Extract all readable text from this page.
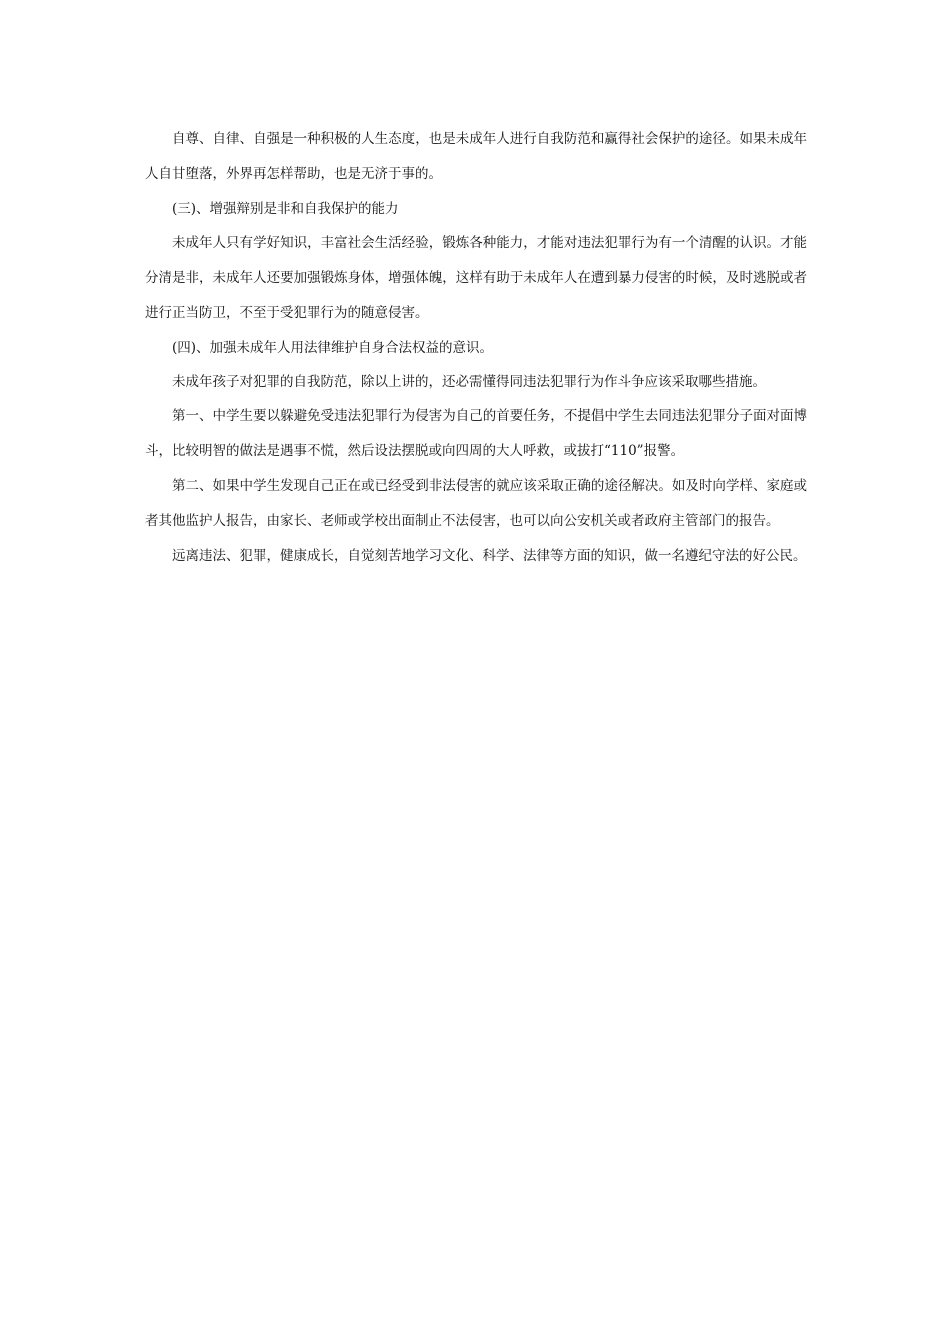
自尊、自律、自强是一种积极的人生态度，也是未成年人进行自我防范和赢得社会保护的途径。如果未成年人自甘堕落，外界再怎样帮助，也是无济于事的。

(三)、增强辩别是非和自我保护的能力

未成年人只有学好知识，丰富社会生活经验，锻炼各种能力，才能对违法犯罪行为有一个清醒的认识。才能分清是非，未成年人还要加强锻炼身体，增强体魄，这样有助于未成年人在遭到暴力侵害的时候，及时逃脱或者进行正当防卫，不至于受犯罪行为的随意侵害。

(四)、加强未成年人用法律维护自身合法权益的意识。

未成年孩子对犯罪的自我防范，除以上讲的，还必需懂得同违法犯罪行为作斗争应该采取哪些措施。

第一、中学生要以躲避免受违法犯罪行为侵害为自己的首要任务，不提倡中学生去同违法犯罪分子面对面博斗，比较明智的做法是遇事不慌，然后设法摆脱或向四周的大人呼救，或拔打“110”报警。

第二、如果中学生发现自己正在或已经受到非法侵害的就应该采取正确的途径解决。如及时向学样、家庭或者其他监护人报告，由家长、老师或学校出面制止不法侵害，也可以向公安机关或者政府主管部门的报告。

远离违法、犯罪，健康成长，自觉刻苦地学习文化、科学、法律等方面的知识，做一名遵纪守法的好公民。
